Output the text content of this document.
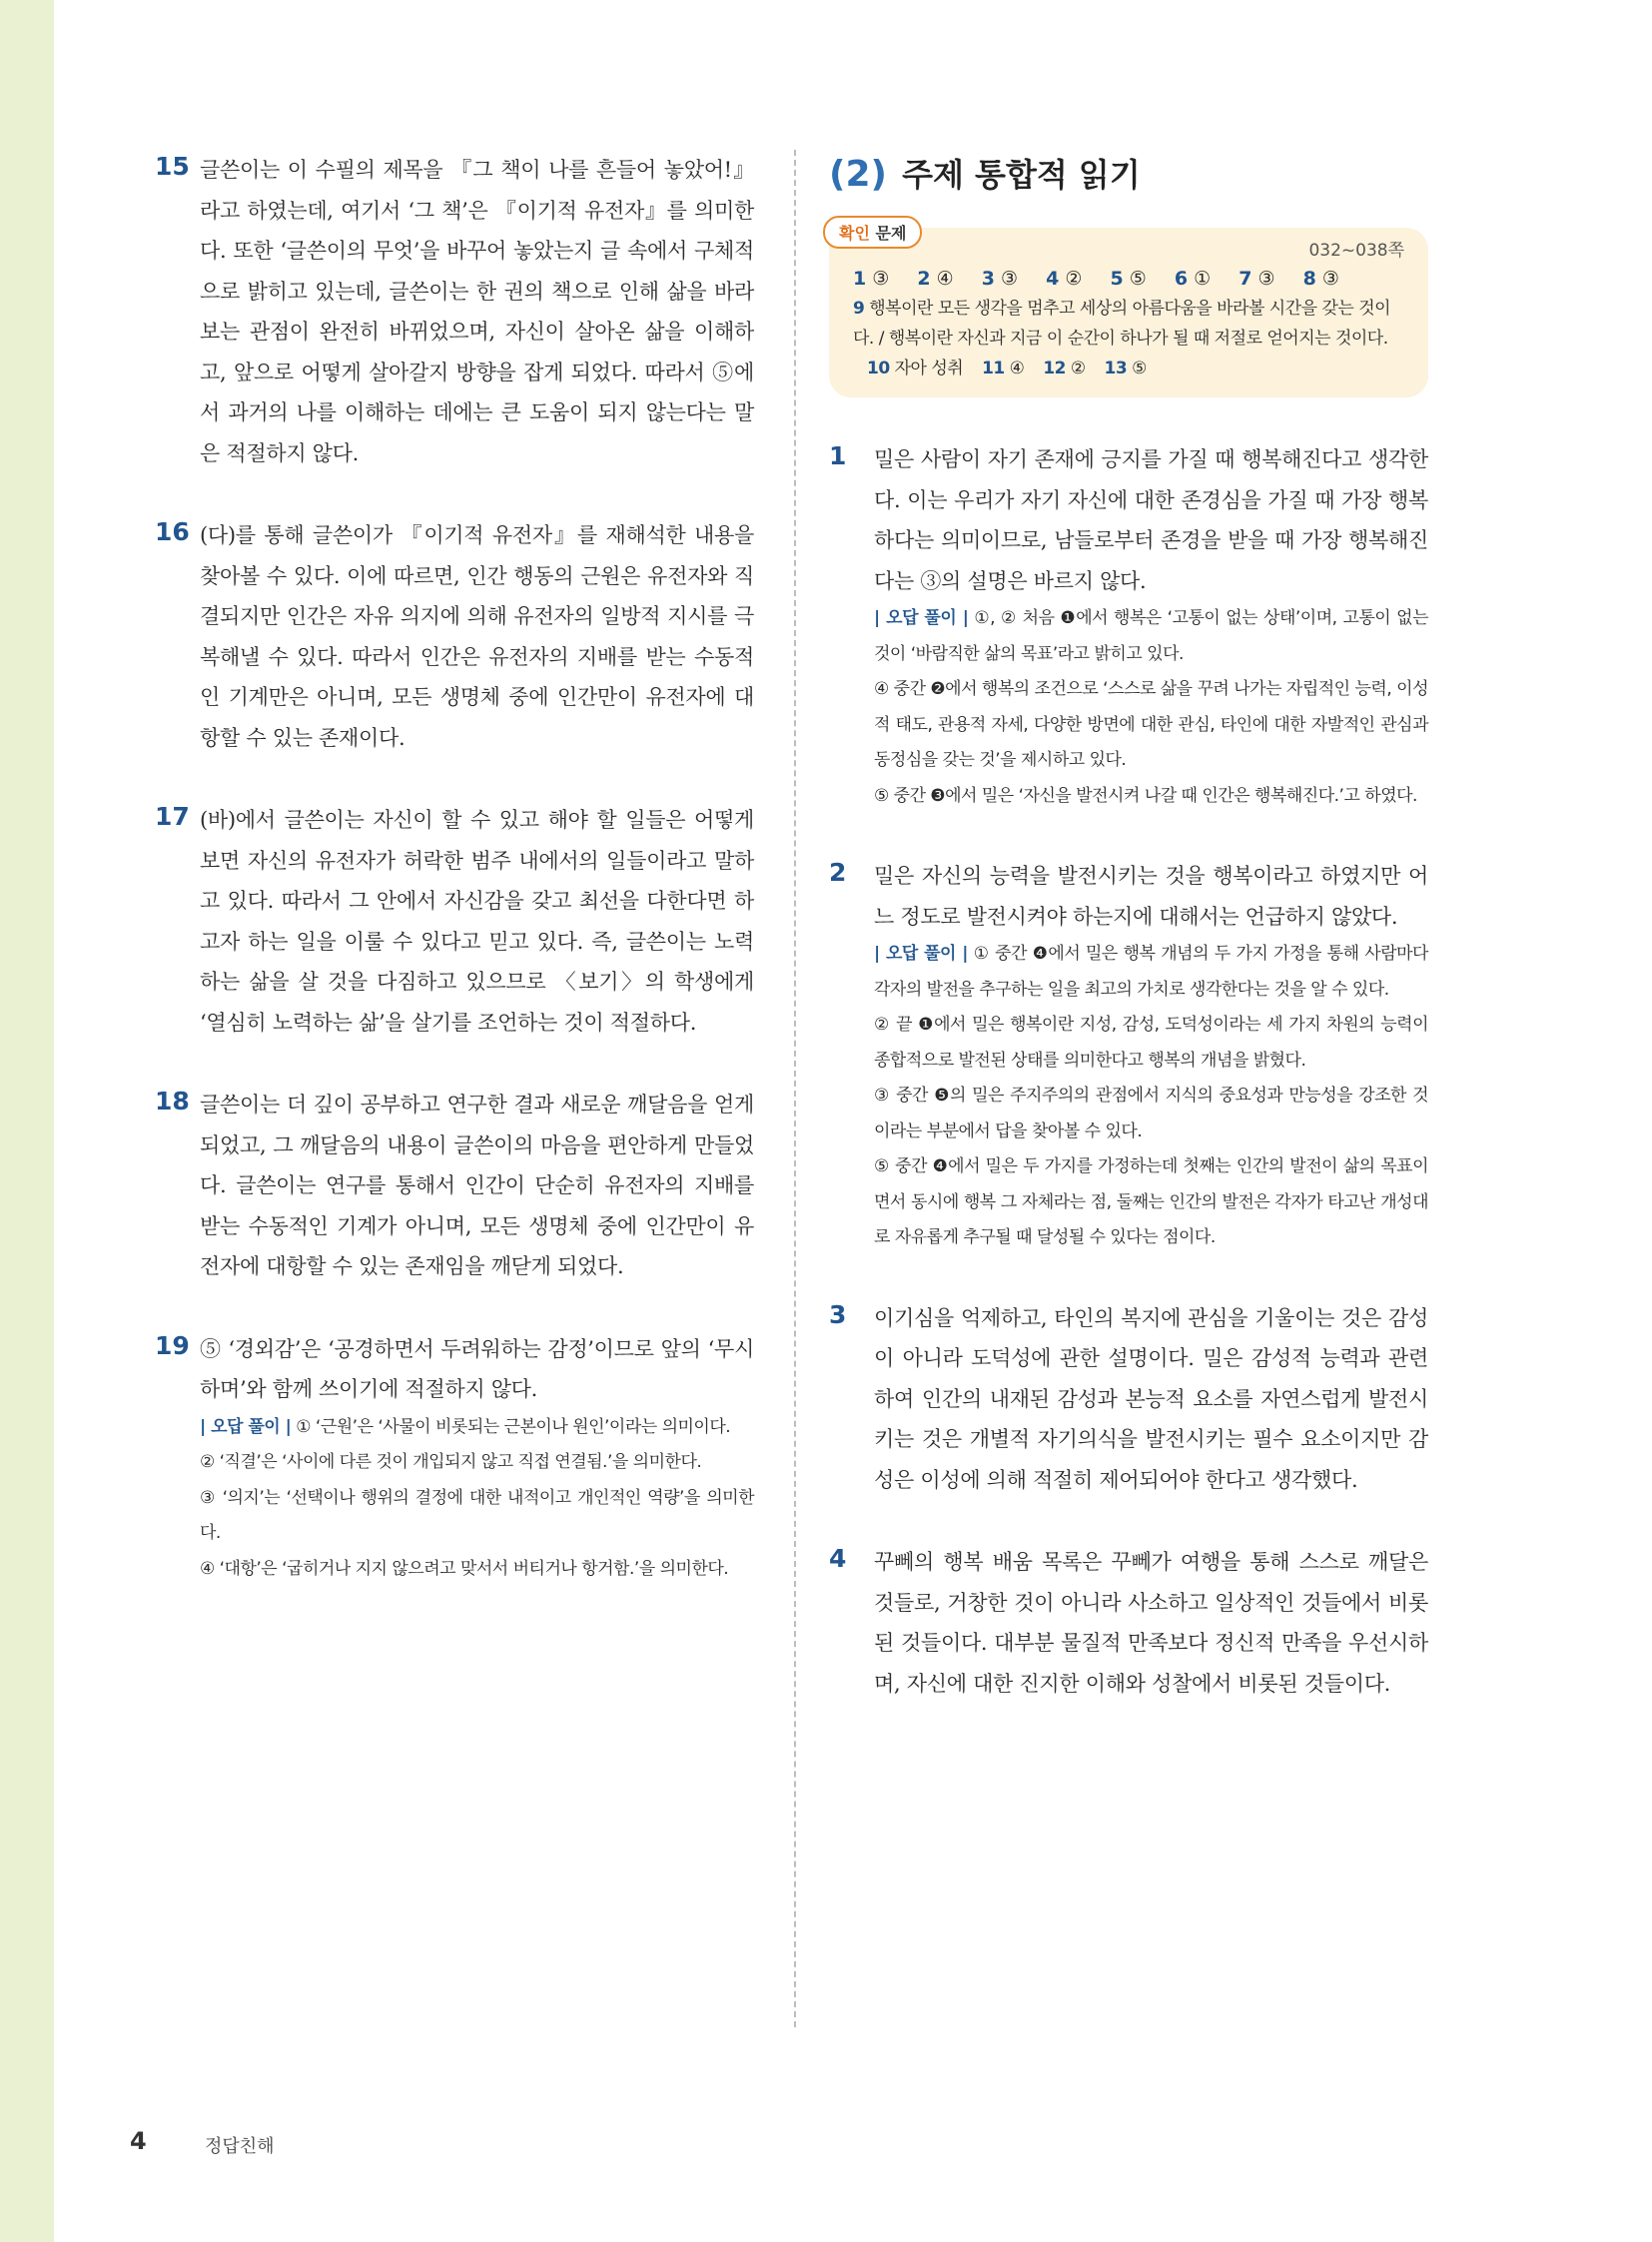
15 글쓴이는 이 수필의 제목을 『그 책이 나를 흔들어 놓았어!』라고 하였는데, 여기서 ‘그 책’은 『이기적 유전자』를 의미한다. 또한 ‘글쓴이의 무엇’을 바꾸어 놓았는지 글 속에서 구체적으로 밝히고 있는데, 글쓴이는 한 권의 책으로 인해 삶을 바라보는 관점이 완전히 바뀌었으며, 자신이 살아온 삶을 이해하고, 앞으로 어떻게 살아갈지 방향을 잡게 되었다. 따라서 ⑤에서 과거의 나를 이해하는 데에는 큰 도움이 되지 않는다는 말은 적절하지 않다.
16 (다)를 통해 글쓴이가 『이기적 유전자』를 재해석한 내용을 찾아볼 수 있다. 이에 따르면, 인간 행동의 근원은 유전자와 직결되지만 인간은 자유 의지에 의해 유전자의 일방적 지시를 극복해낼 수 있다. 따라서 인간은 유전자의 지배를 받는 수동적인 기계만은 아니며, 모든 생명체 중에 인간만이 유전자에 대항할 수 있는 존재이다.
17 (바)에서 글쓴이는 자신이 할 수 있고 해야 할 일들은 어떻게 보면 자신의 유전자가 허락한 범주 내에서의 일들이라고 말하고 있다. 따라서 그 안에서 자신감을 갖고 최선을 다한다면 하고자 하는 일을 이룰 수 있다고 믿고 있다. 즉, 글쓴이는 노력하는 삶을 살 것을 다짐하고 있으므로 〈보기〉의 학생에게 ‘열심히 노력하는 삶’을 살기를 조언하는 것이 적절하다.
18 글쓴이는 더 깊이 공부하고 연구한 결과 새로운 깨달음을 얻게 되었고, 그 깨달음의 내용이 글쓴이의 마음을 편안하게 만들었다. 글쓴이는 연구를 통해서 인간이 단순히 유전자의 지배를 받는 수동적인 기계가 아니며, 모든 생명체 중에 인간만이 유전자에 대항할 수 있는 존재임을 깨닫게 되었다.
19 ⑤ ‘경외감’은 ‘공경하면서 두려워하는 감정’이므로 앞의 ‘무시하며’와 함께 쓰이기에 적절하지 않다.
| 오답 풀이 | ① ‘근원’은 ‘사물이 비롯되는 근본이나 원인’이라는 의미이다.
② ‘직결’은 ‘사이에 다른 것이 개입되지 않고 직접 연결됨.’을 의미한다.
③ ‘의지’는 ‘선택이나 행위의 결정에 대한 내적이고 개인적인 역량’을 의미한다.
④ ‘대항’은 ‘굽히거나 지지 않으려고 맞서서 버티거나 항거함.’을 의미한다.
(2) 주제 통합적 읽기
확인 문제
032~038쪽
1 ③ 2 ④ 3 ③ 4 ② 5 ⑤ 6 ① 7 ③ 8 ③
9 행복이란 모든 생각을 멈추고 세상의 아름다움을 바라볼 시간을 갖는 것이다. / 행복이란 자신과 지금 이 순간이 하나가 될 때 저절로 얻어지는 것이다. 10 자아 성취 11 ④ 12 ② 13 ⑤
1 밀은 사람이 자기 존재에 긍지를 가질 때 행복해진다고 생각한다. 이는 우리가 자기 자신에 대한 존경심을 가질 때 가장 행복하다는 의미이므로, 남들로부터 존경을 받을 때 가장 행복해진다는 ③의 설명은 바르지 않다.
| 오답 풀이 | ①, ② 처음 ❶에서 행복은 ‘고통이 없는 상태’이며, 고통이 없는 것이 ‘바람직한 삶의 목표’라고 밝히고 있다.
④ 중간 ❷에서 행복의 조건으로 ‘스스로 삶을 꾸려 나가는 자립적인 능력, 이성적 태도, 관용적 자세, 다양한 방면에 대한 관심, 타인에 대한 자발적인 관심과 동정심을 갖는 것’을 제시하고 있다.
⑤ 중간 ❸에서 밀은 ‘자신을 발전시켜 나갈 때 인간은 행복해진다.’고 하였다.
2 밀은 자신의 능력을 발전시키는 것을 행복이라고 하였지만 어느 정도로 발전시켜야 하는지에 대해서는 언급하지 않았다.
| 오답 풀이 | ① 중간 ❹에서 밀은 행복 개념의 두 가지 가정을 통해 사람마다 각자의 발전을 추구하는 일을 최고의 가치로 생각한다는 것을 알 수 있다.
② 끝 ❶에서 밀은 행복이란 지성, 감성, 도덕성이라는 세 가지 차원의 능력이 종합적으로 발전된 상태를 의미한다고 행복의 개념을 밝혔다.
③ 중간 ❺의 밀은 주지주의의 관점에서 지식의 중요성과 만능성을 강조한 것이라는 부분에서 답을 찾아볼 수 있다.
⑤ 중간 ❹에서 밀은 두 가지를 가정하는데 첫째는 인간의 발전이 삶의 목표이면서 동시에 행복 그 자체라는 점, 둘째는 인간의 발전은 각자가 타고난 개성대로 자유롭게 추구될 때 달성될 수 있다는 점이다.
3 이기심을 억제하고, 타인의 복지에 관심을 기울이는 것은 감성이 아니라 도덕성에 관한 설명이다. 밀은 감성적 능력과 관련하여 인간의 내재된 감성과 본능적 요소를 자연스럽게 발전시키는 것은 개별적 자기의식을 발전시키는 필수 요소이지만 감성은 이성에 의해 적절히 제어되어야 한다고 생각했다.
4 꾸뻬의 행복 배움 목록은 꾸뻬가 여행을 통해 스스로 깨달은 것들로, 거창한 것이 아니라 사소하고 일상적인 것들에서 비롯된 것들이다. 대부분 물질적 만족보다 정신적 만족을 우선시하며, 자신에 대한 진지한 이해와 성찰에서 비롯된 것들이다.
4	정답친해
